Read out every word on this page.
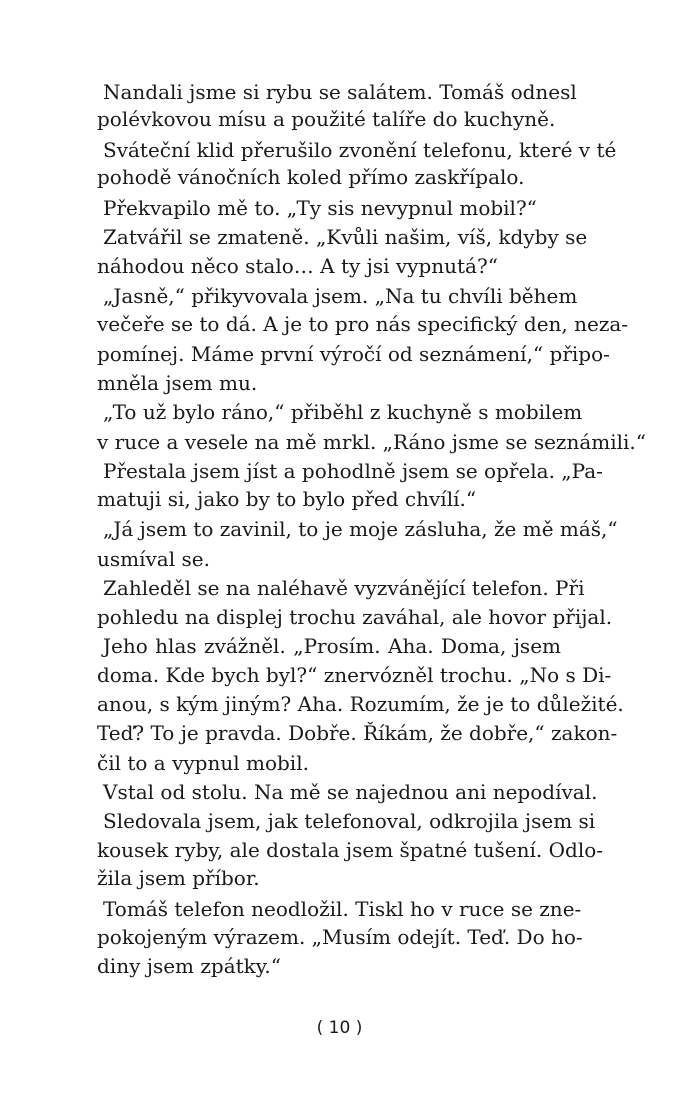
Nandali jsme si rybu se salátem. Tomáš odnesl
polévkovou mísu a použité talíře do kuchyně.
Sváteční klid přerušilo zvonění telefonu, které v té
pohodě vánočních koled přímo zaskřípalo.
Překvapilo mě to. „Ty sis nevypnul mobil?“
Zatvářil se zmateně. „Kvůli našim, víš, kdyby se
náhodou něco stalo… A ty jsi vypnutá?“
„Jasně,“ přikyvovala jsem. „Na tu chvíli během
večeře se to dá. A je to pro nás specifický den, neza-
pomínej. Máme první výročí od seznámení,“ připo-
mněla jsem mu.
„To už bylo ráno,“ přiběhl z kuchyně s mobilem
v ruce a vesele na mě mrkl. „Ráno jsme se seznámili.“
Přestala jsem jíst a pohodlně jsem se opřela. „Pa-
matuji si, jako by to bylo před chvílí.“
„Já jsem to zavinil, to je moje zásluha, že mě máš,“
usmíval se.
Zahleděl se na naléhavě vyzvánějící telefon. Při
pohledu na displej trochu zaváhal, ale hovor přijal.
Jeho hlas zvážněl. „Prosím. Aha. Doma, jsem
doma. Kde bych byl?“ znervózněl trochu. „No s Di-
anou, s kým jiným? Aha. Rozumím, že je to důležité.
Teď? To je pravda. Dobře. Říkám, že dobře,“ zakon-
čil to a vypnul mobil.
Vstal od stolu. Na mě se najednou ani nepodíval.
Sledovala jsem, jak telefonoval, odkrojila jsem si
kousek ryby, ale dostala jsem špatné tušení. Odlo-
žila jsem příbor.
Tomáš telefon neodložil. Tiskl ho v ruce se zne-
pokojeným výrazem. „Musím odejít. Teď. Do ho-
diny jsem zpátky.“
( 10 )
